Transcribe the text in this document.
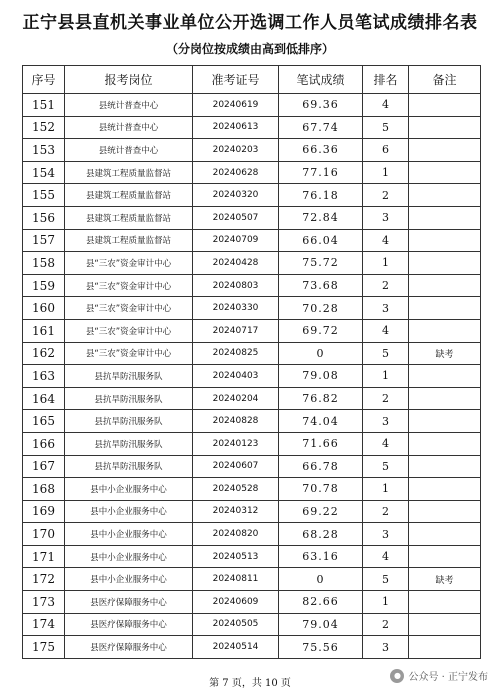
正宁县县直机关事业单位公开选调工作人员笔试成绩排名表
（分岗位按成绩由高到低排序）
序号	报考岗位	准考证号	笔试成绩	排名	备注
151	县统计普查中心	20240619	69.36	4	
152	县统计普查中心	20240613	67.74	5	
153	县统计普查中心	20240203	66.36	6	
154	县建筑工程质量监督站	20240628	77.16	1	
155	县建筑工程质量监督站	20240320	76.18	2	
156	县建筑工程质量监督站	20240507	72.84	3	
157	县建筑工程质量监督站	20240709	66.04	4	
158	县“三农”资金审计中心	20240428	75.72	1	
159	县“三农”资金审计中心	20240803	73.68	2	
160	县“三农”资金审计中心	20240330	70.28	3	
161	县“三农”资金审计中心	20240717	69.72	4	
162	县“三农”资金审计中心	20240825	0	5	缺考
163	县抗旱防汛服务队	20240403	79.08	1	
164	县抗旱防汛服务队	20240204	76.82	2	
165	县抗旱防汛服务队	20240828	74.04	3	
166	县抗旱防汛服务队	20240123	71.66	4	
167	县抗旱防汛服务队	20240607	66.78	5	
168	县中小企业服务中心	20240528	70.78	1	
169	县中小企业服务中心	20240312	69.22	2	
170	县中小企业服务中心	20240820	68.28	3	
171	县中小企业服务中心	20240513	63.16	4	
172	县中小企业服务中心	20240811	0	5	缺考
173	县医疗保障服务中心	20240609	82.66	1	
174	县医疗保障服务中心	20240505	79.04	2	
175	县医疗保障服务中心	20240514	75.56	3	
第 7 页，共 10 页
● 公众号 · 正宁发布
